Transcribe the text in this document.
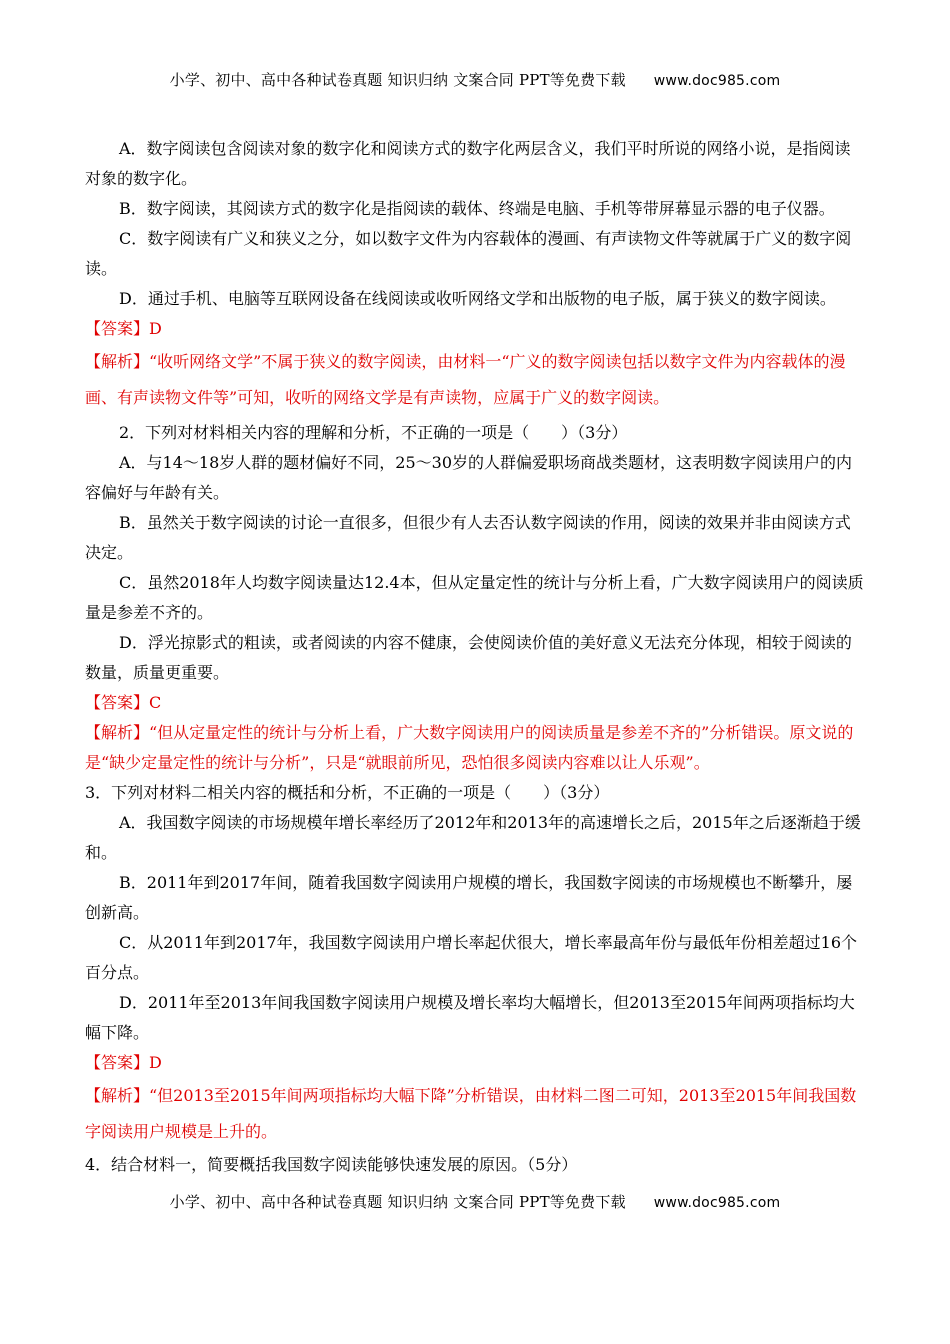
小学、初中、高中各种试卷真题 知识归纳 文案合同 PPT等免费下载 www.doc985.com

A．数字阅读包含阅读对象的数字化和阅读方式的数字化两层含义，我们平时所说的网络小说，是指阅读对象的数字化。

B．数字阅读，其阅读方式的数字化是指阅读的载体、终端是电脑、手机等带屏幕显示器的电子仪器。

C．数字阅读有广义和狭义之分，如以数字文件为内容载体的漫画、有声读物文件等就属于广义的数字阅读。

D．通过手机、电脑等互联网设备在线阅读或收听网络文学和出版物的电子版，属于狭义的数字阅读。

【答案】D

【解析】“收听网络文学”不属于狭义的数字阅读，由材料一“广义的数字阅读包括以数字文件为内容载体的漫画、有声读物文件等”可知，收听的网络文学是有声读物，应属于广义的数字阅读。

2．下列对材料相关内容的理解和分析，不正确的一项是（　　）（3分）

A．与14～18岁人群的题材偏好不同，25～30岁的人群偏爱职场商战类题材，这表明数字阅读用户的内容偏好与年龄有关。

B．虽然关于数字阅读的讨论一直很多，但很少有人去否认数字阅读的作用，阅读的效果并非由阅读方式决定。

C．虽然2018年人均数字阅读量达12.4本，但从定量定性的统计与分析上看，广大数字阅读用户的阅读质量是参差不齐的。

D．浮光掠影式的粗读，或者阅读的内容不健康，会使阅读价值的美好意义无法充分体现，相较于阅读的数量，质量更重要。

【答案】C

【解析】“但从定量定性的统计与分析上看，广大数字阅读用户的阅读质量是参差不齐的”分析错误。原文说的是“缺少定量定性的统计与分析”，只是“就眼前所见，恐怕很多阅读内容难以让人乐观”。

3．下列对材料二相关内容的概括和分析，不正确的一项是（　　）（3分）

A．我国数字阅读的市场规模年增长率经历了2012年和2013年的高速增长之后，2015年之后逐渐趋于缓和。

B．2011年到2017年间，随着我国数字阅读用户规模的增长，我国数字阅读的市场规模也不断攀升，屡创新高。

C．从2011年到2017年，我国数字阅读用户增长率起伏很大，增长率最高年份与最低年份相差超过16个百分点。

D．2011年至2013年间我国数字阅读用户规模及增长率均大幅增长，但2013至2015年间两项指标均大幅下降。

【答案】D

【解析】“但2013至2015年间两项指标均大幅下降”分析错误，由材料二图二可知，2013至2015年间我国数字阅读用户规模是上升的。

4．结合材料一，简要概括我国数字阅读能够快速发展的原因。（5分）

小学、初中、高中各种试卷真题 知识归纳 文案合同 PPT等免费下载 www.doc985.com
